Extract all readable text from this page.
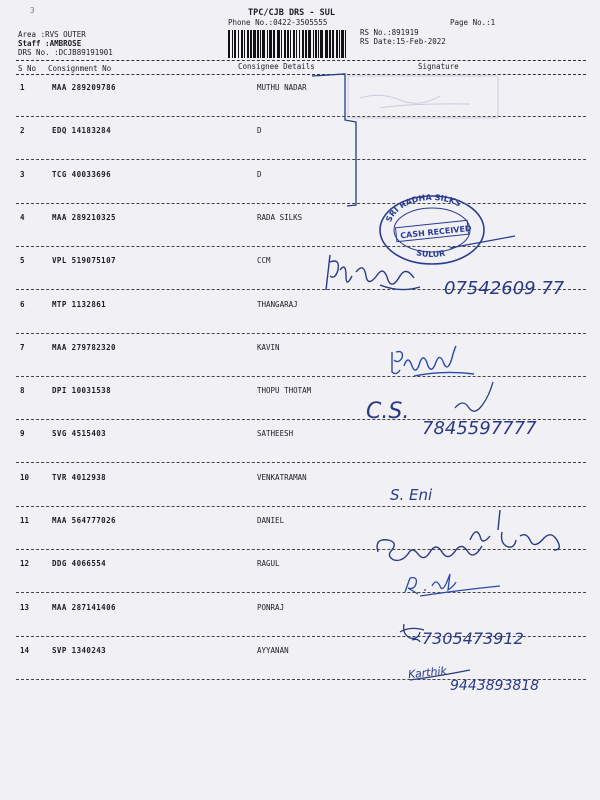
3	TPC/CJB DRS - SUL
Phone No.:0422-3505555	Page No.:1
Area :RVS OUTER
Staff :AMBROSE
DRS No. :DCJB89191901
RS No.:891919
RS Date:15-Feb-2022
S No Consignment No	Consignee Details	Signature
1	MAA 289209786	MUTHU NADAR
2	EDQ 14183284	D
3	TCG 40033696	D
4	MAA 289210325	RADA SILKS
5	VPL 519075107	CCM
6	MTP 1132861	THANGARAJ
7	MAA 279782320	KAVIN
8	DPI 10031538	THOPU THOTAM
9	SVG 4515403	SATHEESH
10	TVR 4012938	VENKATRAMAN
11	MAA 564777026	DANIEL
12	DDG 4066554	RAGUL
13	MAA 287141406	PONRAJ
14	SVP 1340243	AYYANAN
SRI RADHA SILKS
SULUR
CASH RECEIVED
07542609 77
C.S.
7845597777
S. Eni
7305473912
Karthik
9443893818
